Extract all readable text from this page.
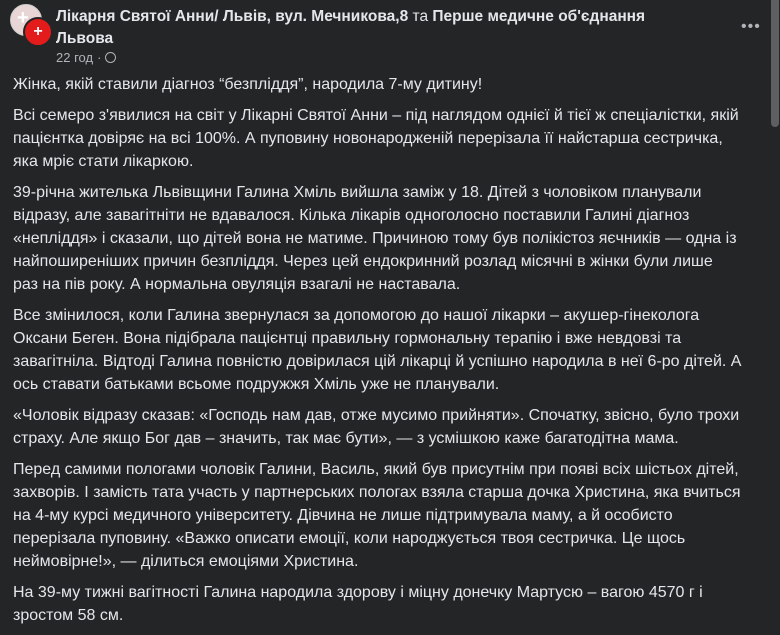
+
+
Лікарня Святої Анни/ Львів, вул. Мечникова,8 та Перше медичне об'єднання
Львова
22 год ·
•••
Жінка, якій ставили діагноз “безпліддя”, народила 7-му дитину!
Всі семеро з'явилися на світ у Лікарні Святої Анни – під наглядом однієї й тієї ж спеціалістки, якій
пацієнтка довіряє на всі 100%. А пуповину новонародженій перерізала її найстарша сестричка,
яка мріє стати лікаркою.
39-річна жителька Львівщини Галина Хміль вийшла заміж у 18. Дітей з чоловіком планували
відразу, але завагітніти не вдавалося. Кілька лікарів одноголосно поставили Галині діагноз
«непліддя» і сказали, що дітей вона не матиме. Причиною тому був полікістоз яєчників — одна із
найпоширеніших причин безпліддя. Через цей ендокринний розлад місячні в жінки були лише
раз на пів року. А нормальна овуляція взагалі не наставала.
Все змінилося, коли Галина звернулася за допомогою до нашої лікарки – акушер-гінеколога
Оксани Беген. Вона підібрала пацієнтці правильну гормональну терапію і вже невдовзі та
завагітніла. Відтоді Галина повністю довірилася цій лікарці й успішно народила в неї 6-ро дітей. А
ось ставати батьками всьоме подружжя Хміль уже не планували.
«Чоловік відразу сказав: «Господь нам дав, отже мусимо прийняти». Спочатку, звісно, було трохи
страху. Але якщо Бог дав – значить, так має бути», — з усмішкою каже багатодітна мама.
Перед самими пологами чоловік Галини, Василь, який був присутнім при появі всіх шістьох дітей,
захворів. І замість тата участь у партнерських пологах взяла старша дочка Христина, яка вчиться
на 4-му курсі медичного університету. Дівчина не лише підтримувала маму, а й особисто
перерізала пуповину. «Важко описати емоції, коли народжується твоя сестричка. Це щось
неймовірне!», — ділиться емоціями Христина.
На 39-му тижні вагітності Галина народила здорову і міцну донечку Мартусю – вагою 4570 г і
зростом 58 см.
